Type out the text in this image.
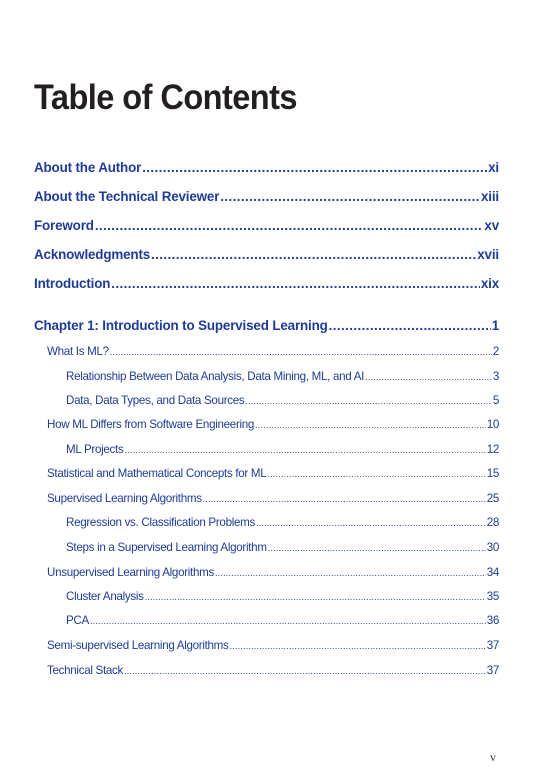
Table of Contents
About the Author .....	xi
About the Technical Reviewer .....	xiii
Foreword .....	xv
Acknowledgments .....	xvii
Introduction .....	xix
Chapter 1: Introduction to Supervised Learning .....	1
What Is ML? .....	2
Relationship Between Data Analysis, Data Mining, ML, and AI .....	3
Data, Data Types, and Data Sources .....	5
How ML Differs from Software Engineering .....	10
ML Projects .....	12
Statistical and Mathematical Concepts for ML .....	15
Supervised Learning Algorithms .....	25
Regression vs. Classification Problems .....	28
Steps in a Supervised Learning Algorithm .....	30
Unsupervised Learning Algorithms .....	34
Cluster Analysis .....	35
PCA .....	36
Semi-supervised Learning Algorithms .....	37
Technical Stack .....	37
v
